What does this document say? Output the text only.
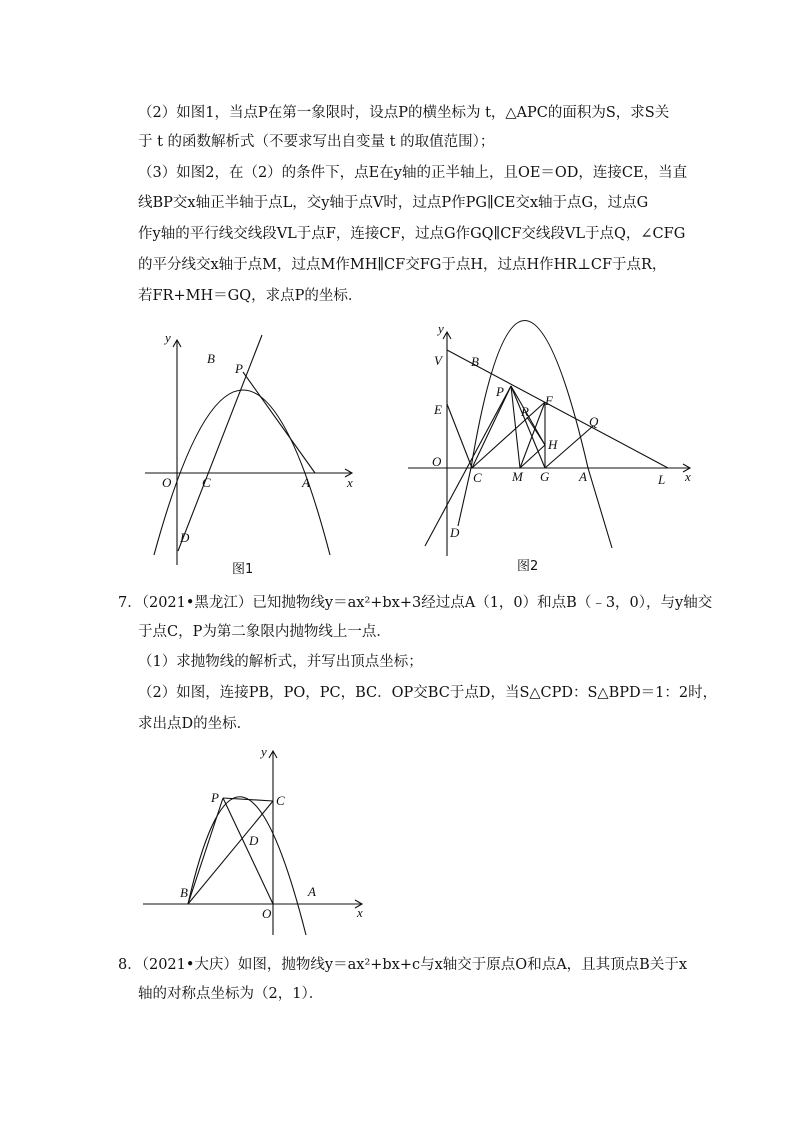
（2）如图1，当点P在第一象限时，设点P的横坐标为 t，△APC的面积为S，求S关
于 t 的函数解析式（不要求写出自变量 t 的取值范围）；
（3）如图2，在（2）的条件下，点E在y轴的正半轴上，且OE＝OD，连接CE，当直
线BP交x轴正半轴于点L，交y轴于点V时，过点P作PG∥CE交x轴于点G，过点G
作y轴的平行线交线段VL于点F，连接CF，过点G作GQ∥CF交线段VL于点Q，∠CFG
的平分线交x轴于点M，过点M作MH∥CF交FG于点H，过点H作HR⊥CF于点R，
若FR+MH＝GQ，求点P的坐标．
y
x
O
B
P
C	A
D
图1
y
x
V B
P
F
R
Q
E
H
O
C M G A	L
D
图2
7．（2021•黑龙江）已知抛物线y＝ax²+bx+3经过点A（1，0）和点B（﹣3，0），与y轴交
于点C，P为第二象限内抛物线上一点．
（1）求抛物线的解析式，并写出顶点坐标；
（2）如图，连接PB，PO，PC，BC．OP交BC于点D，当S△CPD：S△BPD＝1：2时，
求出点D的坐标．
y
x
P	C
D
B
O
A
8．（2021•大庆）如图，抛物线y＝ax²+bx+c与x轴交于原点O和点A，且其顶点B关于x
轴的对称点坐标为（2，1）．
